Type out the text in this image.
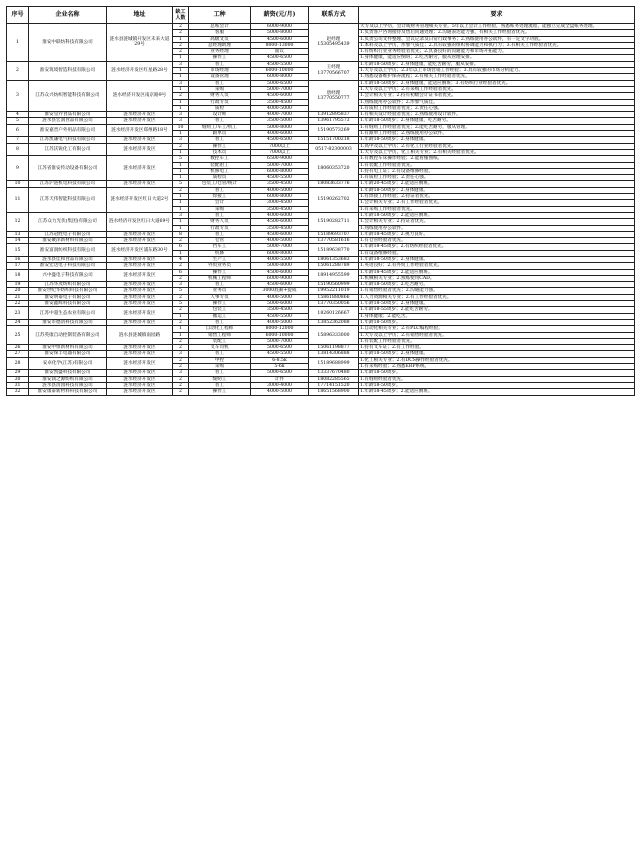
序号	企业名称	地址	缺工人数	工种	薪资(元/月)	联系方式	要求
1	淮安中联纺科技有限公司	涟水县涟城镇开发区未来大道29号	2	总账会计	6000-9000	赵经理 15305495439	大专及以上学历，会计或财务管理相关专业，5年以上会计工作经验，熟悉账务处理流程，能独立完成全盘账务处理。
			2	客服	5000-8000		1.负责客户咨询接待及售后问题处理；2.沟通表达能力强，有相关工作经验者优先。
			1	高级文员	4500-6000		1.负责公司文件整理、会议记录及日常行政事务；2.熟练使用办公软件，有一定文字功底。
			2	总经理助理	8000-13000		1.本科及以上学历，形象气质佳；2.具有较强的组织协调能力和执行力；3.有相关工作经验者优先。
			2	业务经理	面议		1.有纺织行业业务经验者优先；2.具备良好的沟通能力和市场开拓能力。
			1	操作工	4500-6500		1.身体健康，能适应倒班；2.吃苦耐劳，服从管理安排。
2	淮安筑境智造科技有限公司	涟水经济开发区红星路28号	3	普工	4500-5500	王经理 13770566707	1.年龄18-50周岁；2.身体健康，能吃苦耐劳，服从安排。
			1	市场经理	6000-10000		1.大专及以上学历；2.3年以上市场营销工作经验；3.具有较强的市场分析能力。
			1	设备管理	6000-8000		1.熟悉设备维护保养流程；2.有相关工作经验者优先。
3	江苏众兴纺织智能科技有限公司	涟水经济开发区南京路9号	3	普工	5000-6500	唐经理 13770550777	1.年龄18-50周岁；2.身体健康，能适应倒班；3.有纺织行业经验者优先。
			1	采购	5000-7000		1.大专及以上学历；2.有采购工作经验者优先。
			2	财务人员	4500-6000		1.会计相关专业；2.持有初级会计证书者优先。
			1	行政专员	3500-4500		1.熟练使用办公软件；2.形象气质佳。
			1	质检	4000-5000		1.有质检工作经验者优先；2.责任心强。
4	淮安皇乔食品有限公司	涟水经济开发区	3	设计师	4000-7000	13912895837	1.有相关设计经验者优先；2.熟练使用设计软件。
5	涟水县宏润食品有限公司	涟水经济开发区	3	普工	3500-5000	13961795573	1.年龄18-50周岁；2.身体健康，吃苦耐劳。
6	淮安嘉晋户外用品有限公司	涟水经济开发区郑州路18号	10	缝纫工/车工/机工	5000-8000	15190573269	1.有缝纫工作经验者优先；2.能吃苦耐劳，服从管理。
			1	跟单员	4000-6000		1.有跟单工作经验；2.熟练使用办公软件。
7	江苏凯谦电气科技有限公司	涟水经济开发区	3	普工	4500-6500	15151700218	1.年龄18-50周岁；2.身体健康。
8	江苏沃锐化工有限公司	涟水经济开发区	2	操作工	7000以上	0517-82300003	1.高中及以上学历；2.有化工行业经验者优先。
			1	技术员	7000以上		1.大专及以上学历，化工相关专业；2.有相关经验者优先。
9	江苏省淮安传动设备有限公司	涟水经济开发区	5	数控车工	6500-9000	18060353720	1.有数控车床操作经验；2.能看懂图纸。
			1	装配钳工	5000-7000		1.有装配工作经验者优先。
			1	机修电工	6000-8000		1.持有电工证；2.有设备维修经验。
			1	质检员	4500-5500		1.有质检工作经验；2.责任心强。
10	江苏沪涟机电科技有限公司	涟水经济开发区	5	包装工/仓管/统计	3500-4500	18083633776	1.年龄20-45周岁；2.能适应倒班。
11	江苏天伟智能科技有限公司	涟水经济开发区红日大道2号	2	普工	4000-5000	15190262702	1.年龄18-50周岁；2.身体健康。
			1	焊接工	6000-8000		1.有焊接工作经验；2.持证者优先。
			1	会计	3000-4500		1.会计相关专业；2.有工作经验者优先。
			1	采购	3500-4500		1.有采购工作经验者优先。
12	江苏众力光伏(集团)有限公司	涟水经济开发区红日大道69号	3	普工	4000-6000	15190282711	1.年龄18-50周岁；2.能适应倒班。
			1	财务人员	4500-6000		1.会计相关专业；2.持证者优先。
			1	行政专员	3500-4500		1.熟练使用办公软件。
13	江苏冠胜电子有限公司	涟水经济开发区	8	普工	4500-6000	15189693707	1.年龄18-45周岁；2.视力良好。
14	淮安聚泽新材料有限公司	涟水经济开发区	2	仓管	4000-5000	13770581616	1.有仓管经验者优先。
15	淮安富润纺织科技有限公司	涟水经济开发区浦东路30号	6	挡车工	5000-7000	15189638770	1.年龄18-45周岁；2.有纺织经验者优先。
			1	机修	6000-8000		1.有设备维修经验。
16	涟水县佳和食品有限公司	涟水经济开发区	4	生产工	4000-5500	18061353683	1.年龄18-50周岁；2.身体健康。
17	淮安宏达电子科技有限公司	涟水经济开发区	2	外贸业务员	5000-8000	15061288789	1.英语良好；2.有外贸工作经验者优先。
18	兴中盛电子科技有限公司	涟水经济开发区	6	操作工	4500-6000	18914955599	1.年龄18-45周岁；2.能适应倒班。
			2	机械工程师	6000-9000		1.机械相关专业；2.熟练使用CAD。
19	江苏华茂纺织有限公司	涟水经济开发区	3	普工	4500-6000	15190560999	1.年龄18-50周岁；2.吃苦耐劳。
20	淮安世纪华纺织科技有限公司	涟水经济开发区	5	业务员	3000底薪+提成	19952211019	1.有销售经验者优先；2.沟通能力强。
21	淮安明泰电子有限公司	涟水经济开发区	2	人事专员	4000-5000	15861880866	1.人力资源相关专业；2.有工作经验者优先。
22	淮安鑫辉科技有限公司	涟水经济开发区	5	操作工	5000-6000	13770350056	1.年龄18-50周岁；2.身体健康。
23	江苏中超生态农业有限公司	涟水经济开发区	2	包装工	3500-4500	18260126667	1.年龄18-55周岁；2.能吃苦耐劳。
			1	搬运工	4500-5500		1.身体健康；2.能吃苦。
24	淮安市德清科技有限公司	涟水经济开发区	2	普工	4000-5000	13852362088	1.年龄18-50周岁。
25	江苏英康自动控制装备有限公司	涟水县涟城镇南园路	1	自动化工程师	8000-12000	15896333000	1.自动化相关专业；2.有PLC编程经验。
			1	销售工程师	6000-10000		1.大专及以上学历；2.有销售经验者优先。
			2	装配工	5000-7000		1.有装配工作经验者优先。
26	淮安中恒新材料有限公司	涟水经济开发区	2	叉车司机	5000-6500	15061198877	1.持有叉车证；2.有工作经验。
27	淮安保丰电器有限公司	涟水经济开发区	3	普工	4500-5500	13814306888	1.年龄18-50周岁；2.身体健康。
28	安卓化学(江苏)有限公司	涟水经济开发区	2	中控	6-8.5k	15189688999	1.化工相关专业；2.有DCS操作经验者优先。
			2	采购	5-6k		1.有采购经验；2.熟悉ERP系统。
29	淮安凯盛科技有限公司	涟水经济开发区	3	普工	5000-6500	13337670480	1.年龄18-50周岁。
30	淮安润之源纺织有限公司	涟水经济开发区	2	缝纫工	计件	18082285565	1.有缝纫经验者优先。
31	涟水县清园科技有限公司	涟水经济开发区	2	普工	3000-4000	17714151520	1.年龄18-50周岁。
32	淮安康泰新材料科技有限公司	涟水经济开发区	2	操作工	4000-5000	18651568900	1.年龄18-45周岁；2.能适应倒班。
